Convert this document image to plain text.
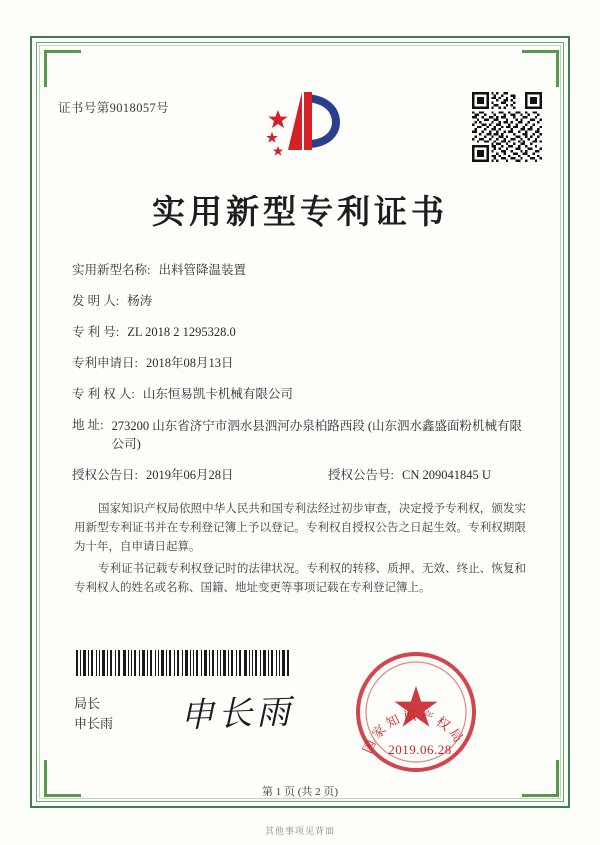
证书号第9018057号
实用新型专利证书
实用新型名称: 出料管降温装置
发 明 人: 杨涛
专 利 号: ZL 2018 2 1295328.0
专利申请日: 2018年08月13日
专 利 权 人: 山东恒易凯卡机械有限公司
地 址: 273200 山东省济宁市泗水县泗河办泉柏路西段 (山东泗水鑫盛面粉机械有限公司)
授权公告日: 2019年06月28日	授权公告号: CN 209041845 U
国家知识产权局依照中华人民共和国专利法经过初步审查，决定授予专利权，颁发实用新型专利证书并在专利登记簿上予以登记。专利权自授权公告之日起生效。专利权期限为十年，自申请日起算。
专利证书记载专利权登记时的法律状况。专利权的转移、质押、无效、终止、恢复和专利权人的姓名或名称、国籍、地址变更等事项记载在专利登记簿上。
局长
申长雨 申长雨
国家知识产权局
2019.06.28
第 1 页 (共 2 页)
其他事项见背面
